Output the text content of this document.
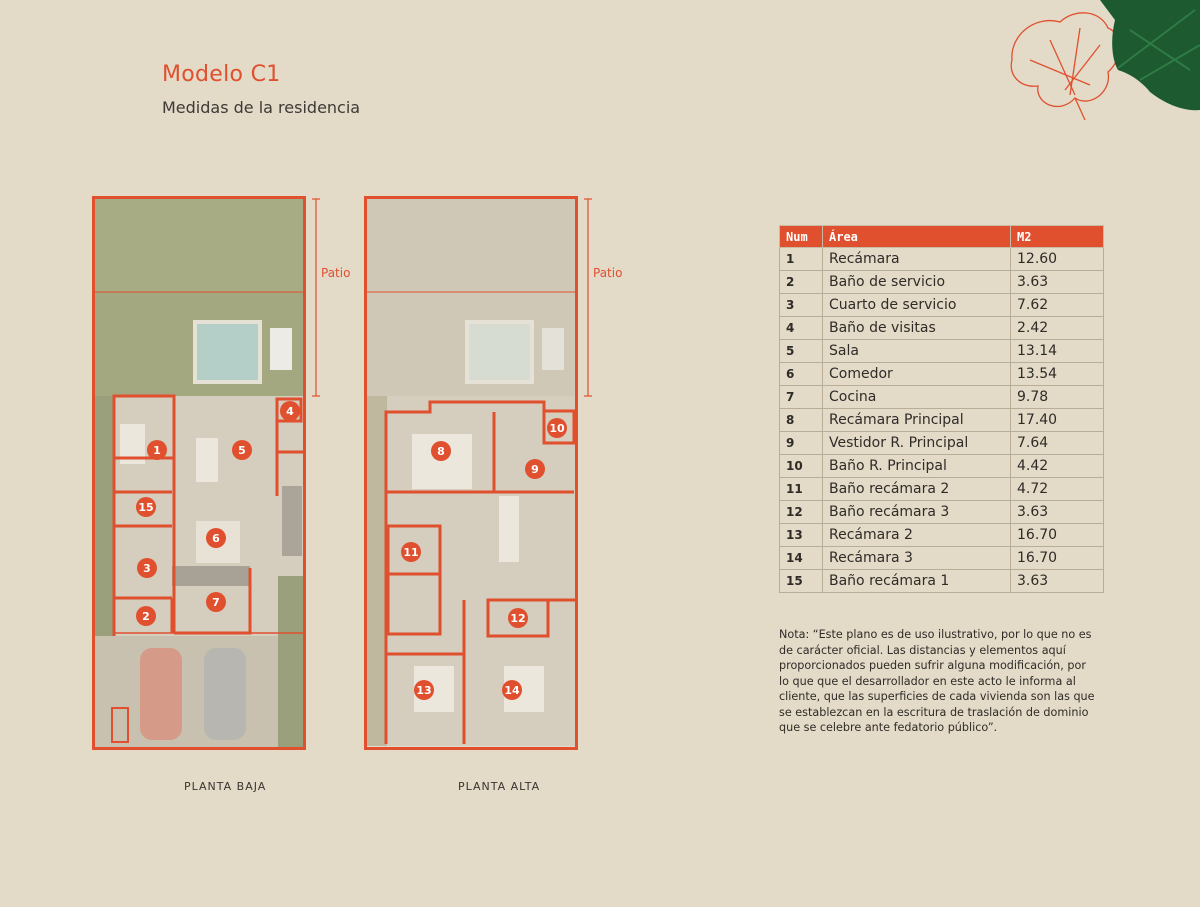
Modelo C1
Medidas de la residencia
Patio	Patio
1	5
4
15
6
3
7
2
8
10
9
11
12
13	14
PLANTA BAJA	PLANTA ALTA
Num	Área	M2
1	Recámara	12.60
2	Baño de servicio	3.63
3	Cuarto de servicio	7.62
4	Baño de visitas	2.42
5	Sala	13.14
6	Comedor	13.54
7	Cocina	9.78
8	Recámara Principal	17.40
9	Vestidor R. Principal	7.64
10	Baño R. Principal	4.42
11	Baño recámara 2	4.72
12	Baño recámara 3	3.63
13	Recámara 2	16.70
14	Recámara 3	16.70
15	Baño recámara 1	3.63
Nota: “Este plano es de uso ilustrativo, por lo que no es de carácter oficial. Las distancias y elementos aquí proporcionados pueden sufrir alguna modificación, por lo que que el desarrollador en este acto le informa al cliente, que las superficies de cada vivienda son las que se establezcan en la escritura de traslación de dominio que se celebre ante fedatorio público”.
